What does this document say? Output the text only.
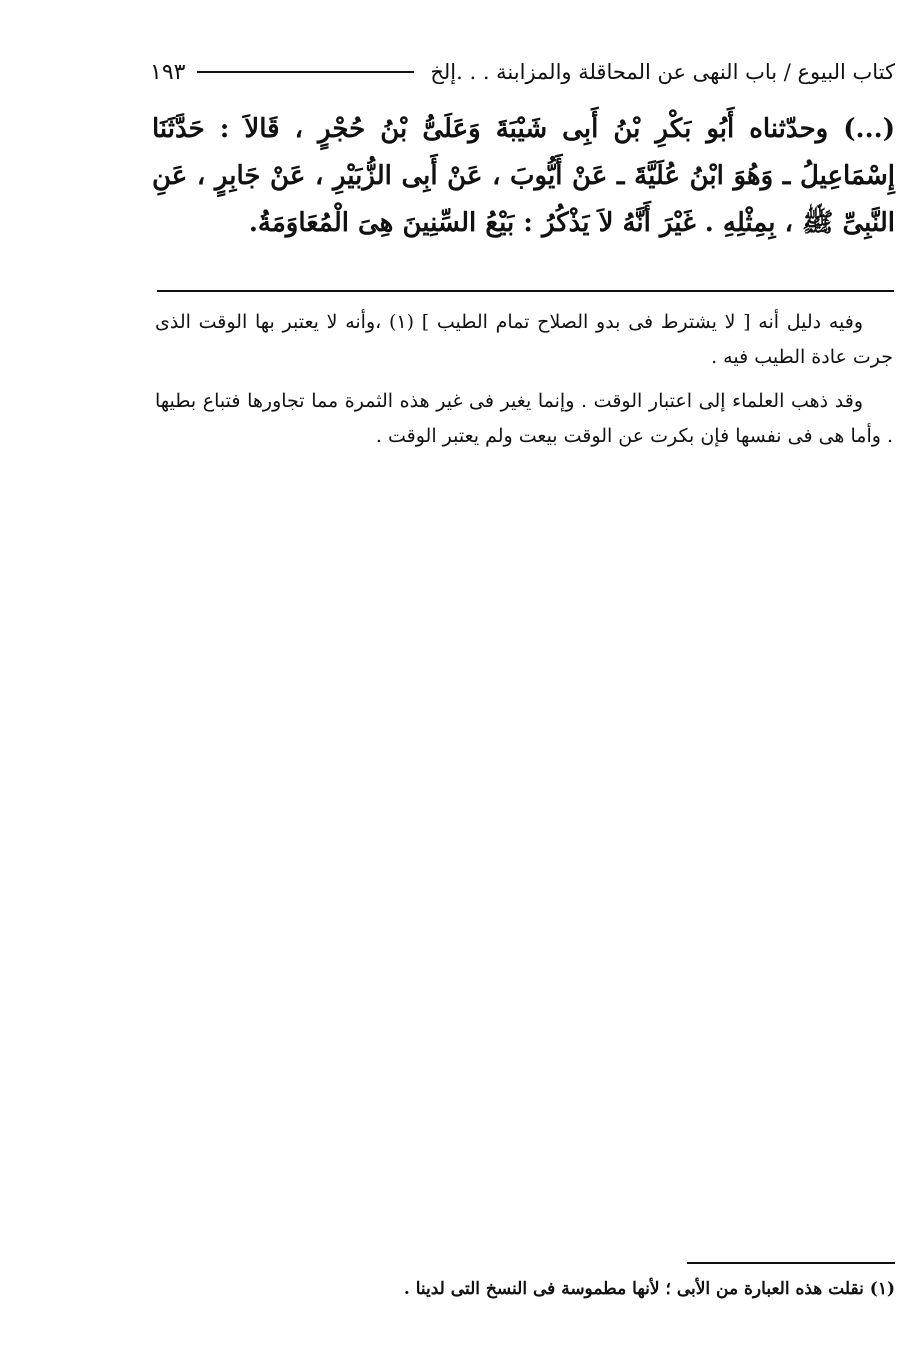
كتاب البيوع / باب النهى عن المحاقلة والمزابنة . . .إلخ
١٩٣
(...) وحدّثناه أَبُو بَكْرِ بْنُ أَبِى شَيْبَةَ وَعَلَىُّ بْنُ حُجْرٍ ، قَالاَ : حَدَّثَنَا إِسْمَاعِيلُ ـ وَهُوَ ابْنُ عُلَيَّةَ ـ عَنْ أَيُّوبَ ، عَنْ أَبِى الزُّبَيْرِ ، عَنْ جَابِرٍ ، عَنِ النَّبِىِّ ﷺ ، بِمِثْلِهِ . غَيْرَ أَنَّهُ لاَ يَذْكُرُ : بَيْعُ السِّنِينَ هِىَ الْمُعَاوَمَةُ.

وفيه دليل أنه [ لا يشترط فى بدو الصلاح تمام الطيب ] (١) ،وأنه لا يعتبر بها الوقت الذى جرت عادة الطيب فيه .

وقد ذهب العلماء إلى اعتبار الوقت . وإنما يغير فى غير هذه الثمرة مما تجاورها فتباع بطيها . وأما هى فى نفسها فإن بكرت عن الوقت بيعت ولم يعتبر الوقت .

(١) نقلت هذه العبارة من الأبى ؛ لأنها مطموسة فى النسخ التى لدينا .
